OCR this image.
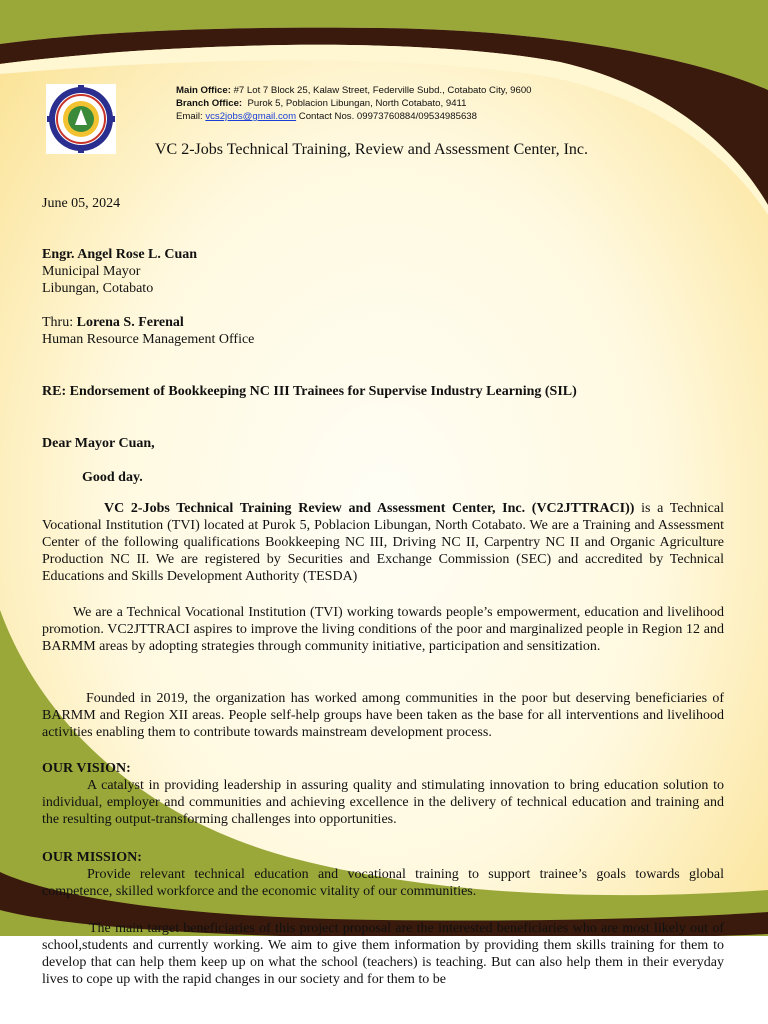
Main Office: #7 Lot 7 Block 25, Kalaw Street, Federville Subd., Cotabato City, 9600
Branch Office: Purok 5, Poblacion Libungan, North Cotabato, 9411
Email: vcs2jobs@gmail.com Contact Nos. 09973760884/09534985638
VC 2-Jobs Technical Training, Review and Assessment Center, Inc.
June 05, 2024
Engr. Angel Rose L. Cuan
Municipal Mayor
Libungan, Cotabato
Thru: Lorena S. Ferenal
Human Resource Management Office
RE: Endorsement of Bookkeeping NC III Trainees for Supervise Industry Learning (SIL)
Dear Mayor Cuan,
Good day.
VC 2-Jobs Technical Training Review and Assessment Center, Inc. (VC2JTTRACI)) is a Technical Vocational Institution (TVI) located at Purok 5, Poblacion Libungan, North Cotabato. We are a Training and Assessment Center of the following qualifications Bookkeeping NC III, Driving NC II, Carpentry NC II and Organic Agriculture Production NC II. We are registered by Securities and Exchange Commission (SEC) and accredited by Technical Educations and Skills Development Authority (TESDA)
We are a Technical Vocational Institution (TVI) working towards people’s empowerment, education and livelihood promotion. VC2JTTRACI aspires to improve the living conditions of the poor and marginalized people in Region 12 and BARMM areas by adopting strategies through community initiative, participation and sensitization.
Founded in 2019, the organization has worked among communities in the poor but deserving beneficiaries of BARMM and Region XII areas. People self-help groups have been taken as the base for all interventions and livelihood activities enabling them to contribute towards mainstream development process.
OUR VISION:
A catalyst in providing leadership in assuring quality and stimulating innovation to bring education solution to individual, employer and communities and achieving excellence in the delivery of technical education and training and the resulting output-transforming challenges into opportunities.
OUR MISSION:
Provide relevant technical education and vocational training to support trainee’s goals towards global competence, skilled workforce and the economic vitality of our communities.
The main target beneficiaries of this project proposal are the interested beneficiaries who are most likely out of school,students and currently working. We aim to give them information by providing them skills training for them to develop that can help them keep up on what the school (teachers) is teaching. But can also help them in their everyday lives to cope up with the rapid changes in our society and for them to be
